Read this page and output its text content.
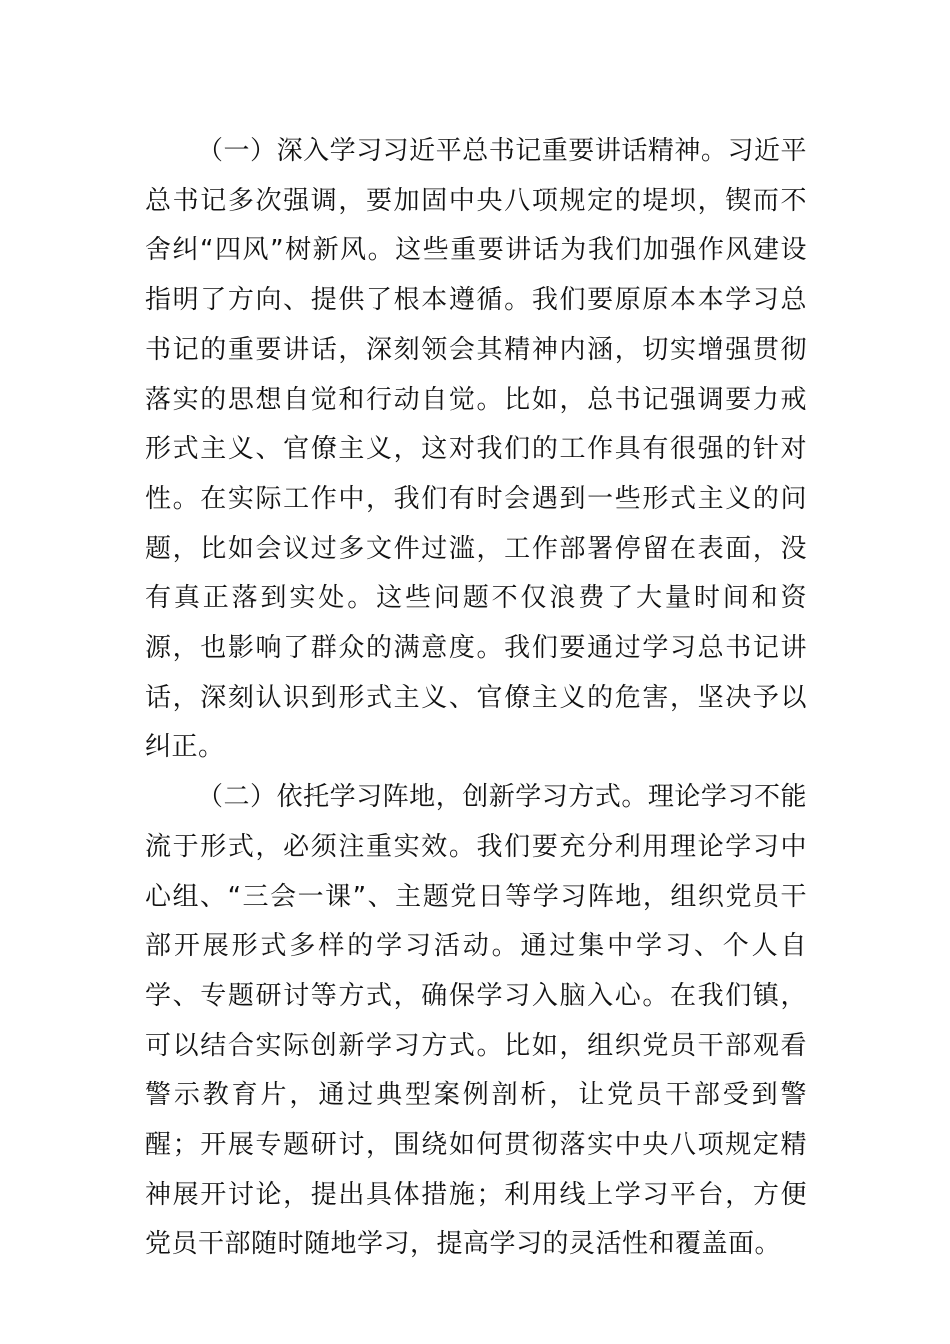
（一）深入学习习近平总书记重要讲话精神。习近平总书记多次强调，要加固中央八项规定的堤坝，锲而不舍纠“四风”树新风。这些重要讲话为我们加强作风建设指明了方向、提供了根本遵循。我们要原原本本学习总书记的重要讲话，深刻领会其精神内涵，切实增强贯彻落实的思想自觉和行动自觉。比如，总书记强调要力戒形式主义、官僚主义，这对我们的工作具有很强的针对性。在实际工作中，我们有时会遇到一些形式主义的问题，比如会议过多文件过滥，工作部署停留在表面，没有真正落到实处。这些问题不仅浪费了大量时间和资源，也影响了群众的满意度。我们要通过学习总书记讲话，深刻认识到形式主义、官僚主义的危害，坚决予以纠正。

（二）依托学习阵地，创新学习方式。理论学习不能流于形式，必须注重实效。我们要充分利用理论学习中心组、“三会一课”、主题党日等学习阵地，组织党员干部开展形式多样的学习活动。通过集中学习、个人自学、专题研讨等方式，确保学习入脑入心。在我们镇，可以结合实际创新学习方式。比如，组织党员干部观看警示教育片，通过典型案例剖析，让党员干部受到警醒；开展专题研讨，围绕如何贯彻落实中央八项规定精神展开讨论，提出具体措施；利用线上学习平台，方便党员干部随时随地学习，提高学习的灵活性和覆盖面。
